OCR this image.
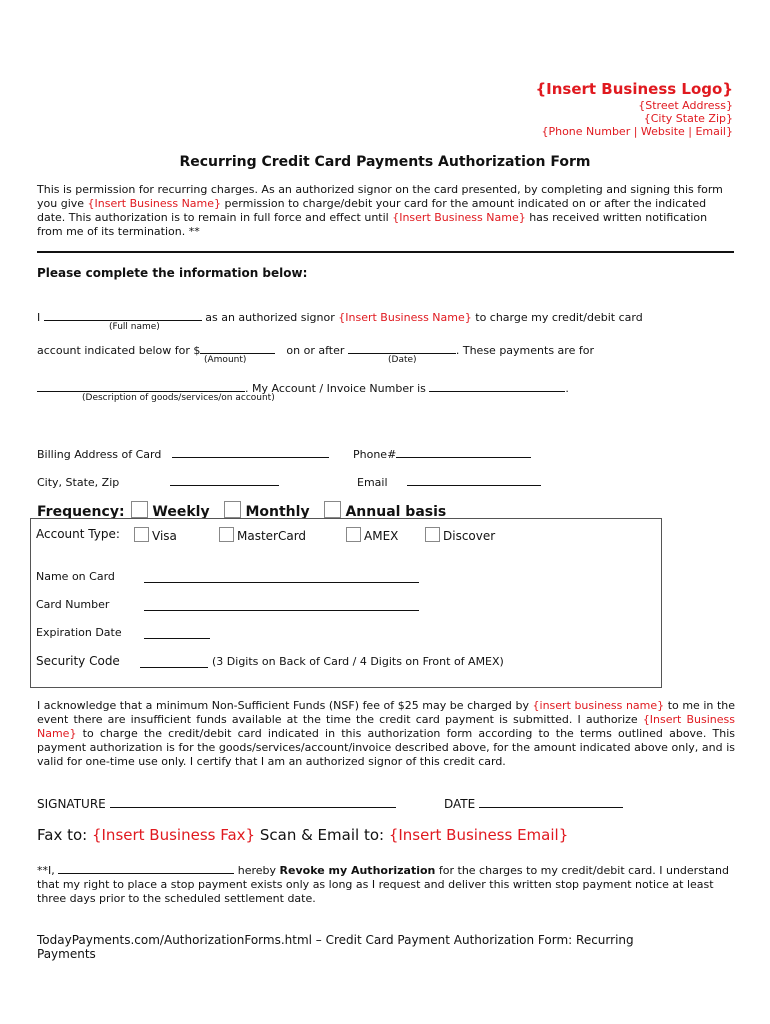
{Insert Business Logo}
{Street Address}
{City State Zip}
{Phone Number | Website | Email}
Recurring Credit Card Payments Authorization Form
This is permission for recurring charges. As an authorized signor on the card presented, by completing and signing this form you give {Insert Business Name} permission to charge/debit your card for the amount indicated on or after the indicated date. This authorization is to remain in full force and effect until {Insert Business Name} has received written notification from me of its termination. **
Please complete the information below:
I	as an authorized signor {Insert Business Name} to charge my credit/debit card
(Full name)
account indicated below for $	on or after	. These payments are for
(Amount)	(Date)
. My Account / Invoice Number is	.
(Description of goods/services/on account)
Billing Address of Card	Phone#
City, State, Zip	Email
Frequency: Weekly	Monthly	Annual basis
Account Type:	Visa	MasterCard	AMEX	Discover
Name on Card
Card Number
Expiration Date
Security Code	(3 Digits on Back of Card / 4 Digits on Front of AMEX)
I acknowledge that a minimum Non-Sufficient Funds (NSF) fee of $25 may be charged by {insert business name} to me in the event there are insufficient funds available at the time the credit card payment is submitted. I authorize {Insert Business Name} to charge the credit/debit card indicated in this authorization form according to the terms outlined above. This payment authorization is for the goods/services/account/invoice described above, for the amount indicated above only, and is valid for one-time use only. I certify that I am an authorized signor of this credit card.
SIGNATURE	DATE
Fax to: {Insert Business Fax} Scan & Email to: {Insert Business Email}
**I,	hereby Revoke my Authorization for the charges to my credit/debit card. I understand that my right to place a stop payment exists only as long as I request and deliver this written stop payment notice at least three days prior to the scheduled settlement date.
TodayPayments.com/AuthorizationForms.html – Credit Card Payment Authorization Form: Recurring Payments
